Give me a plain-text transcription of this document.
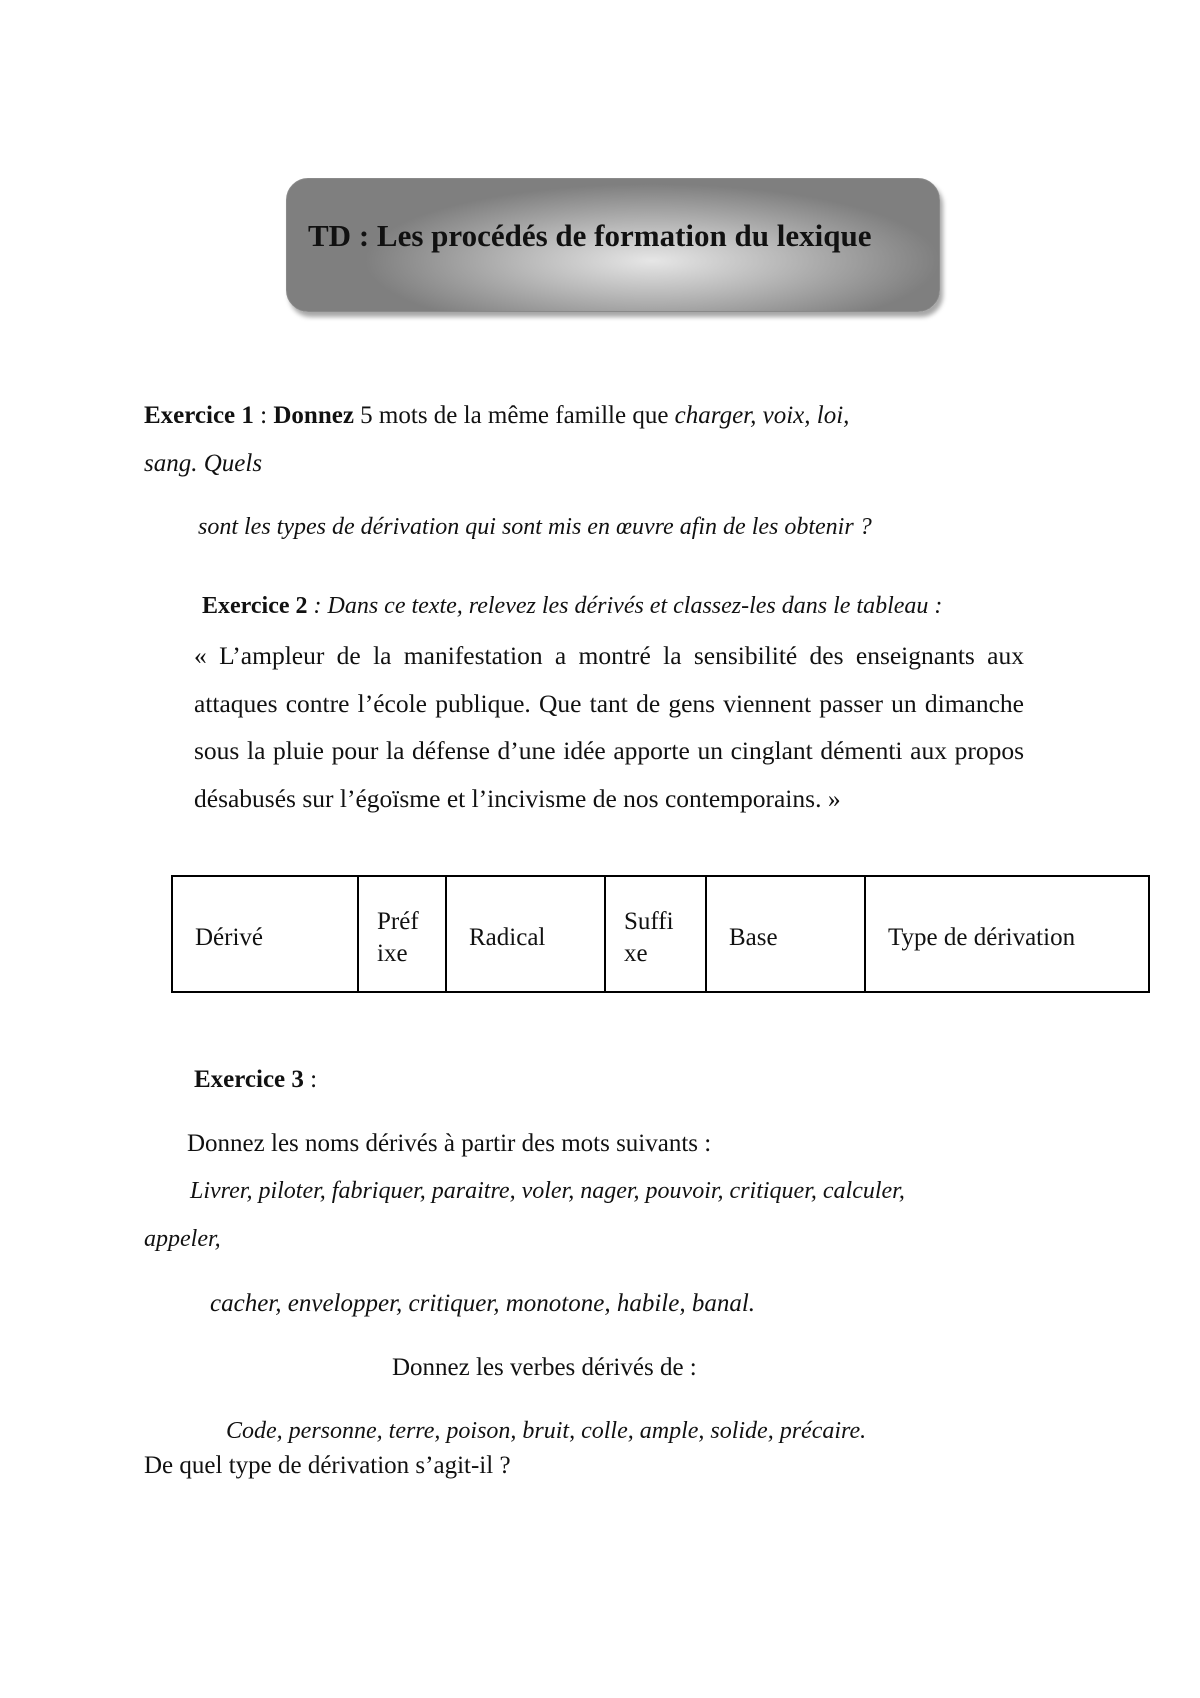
TD : Les procédés de formation du lexique
Exercice 1 : Donnez 5 mots de la même famille que charger, voix, loi,
sang. Quels
sont les types de dérivation qui sont mis en œuvre afin de les obtenir ?
Exercice 2 : Dans ce texte, relevez les dérivés et classez-les dans le tableau :
« L’ampleur de la manifestation a montré la sensibilité des enseignants aux attaques contre l’école publique. Que tant de gens viennent passer un dimanche sous la pluie pour la défense d’une idée apporte un cinglant démenti aux propos désabusés sur l’égoïsme et l’incivisme de nos contemporains. »
Dérivé	Préf ixe	Radical	Suffi xe	Base	Type de dérivation
Exercice 3 :
Donnez les noms dérivés à partir des mots suivants :
Livrer, piloter, fabriquer, paraitre, voler, nager, pouvoir, critiquer, calculer,
appeler,
cacher, envelopper, critiquer, monotone, habile, banal.
Donnez les verbes dérivés de :
Code, personne, terre, poison, bruit, colle, ample, solide, précaire.
De quel type de dérivation s’agit-il ?
